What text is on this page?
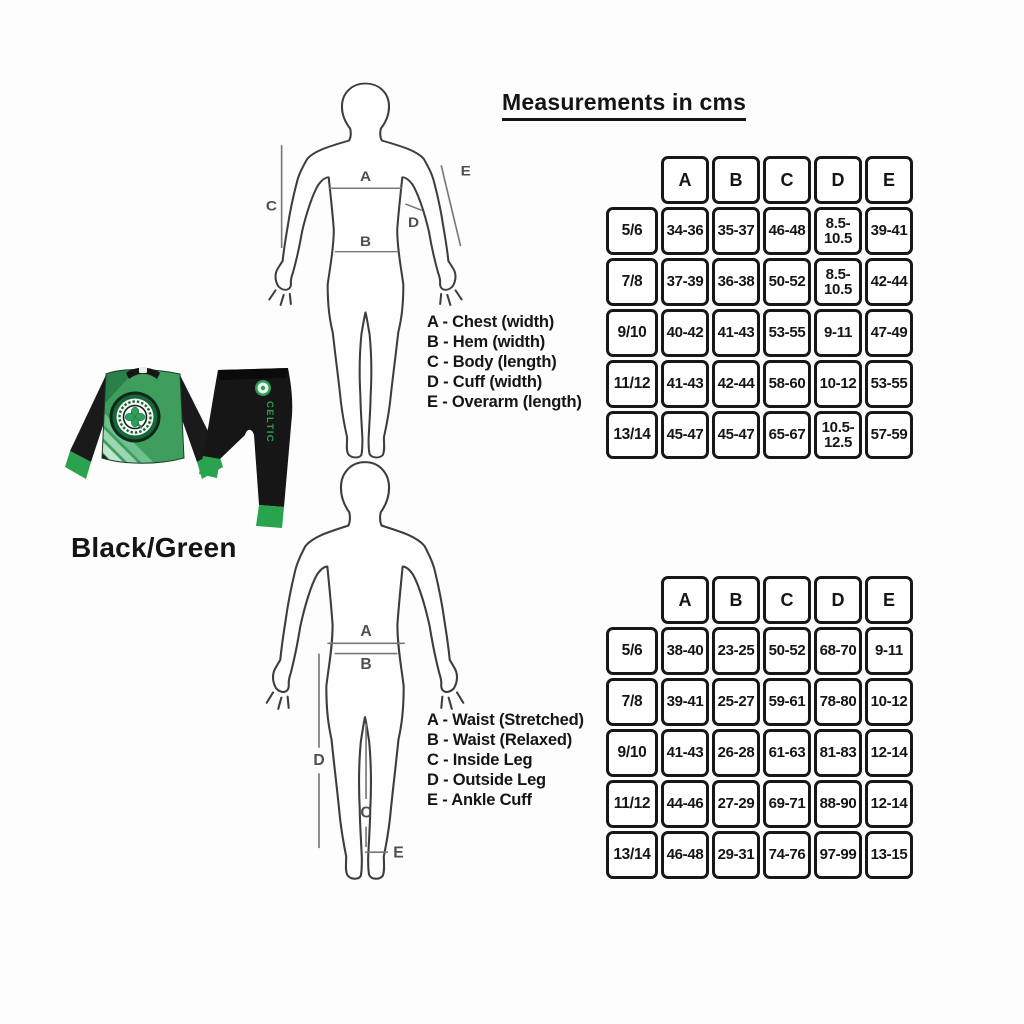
Measurements in cms
A
B
C
D
E
A - Chest (width)
B - Hem (width)
C - Body (length)
D - Cuff (width)
E - Overarm (length)
A	B	C	D	E
5/6	34-36 35-37 46-48	8.5-10.5	39-41
7/8	37-39 36-38 50-52	8.5-10.5	42-44
9/10	40-42 41-43 53-55	9-11	47-49
11/12	41-43 42-44 58-60 10-12 53-55
13/14	45-47 45-47 65-67	10.5-12.5	57-59
CELTIC
Black/Green
A
B
C
D
E
A - Waist (Stretched)
B - Waist (Relaxed)
C - Inside Leg
D - Outside Leg
E - Ankle Cuff
A	B	C	D	E
5/6	38-40 23-25 50-52 68-70	9-11
7/8	39-41 25-27 59-61 78-80 10-12
9/10	41-43 26-28 61-63 81-83 12-14
11/12	44-46 27-29 69-71 88-90 12-14
13/14	46-48 29-31 74-76 97-99 13-15
